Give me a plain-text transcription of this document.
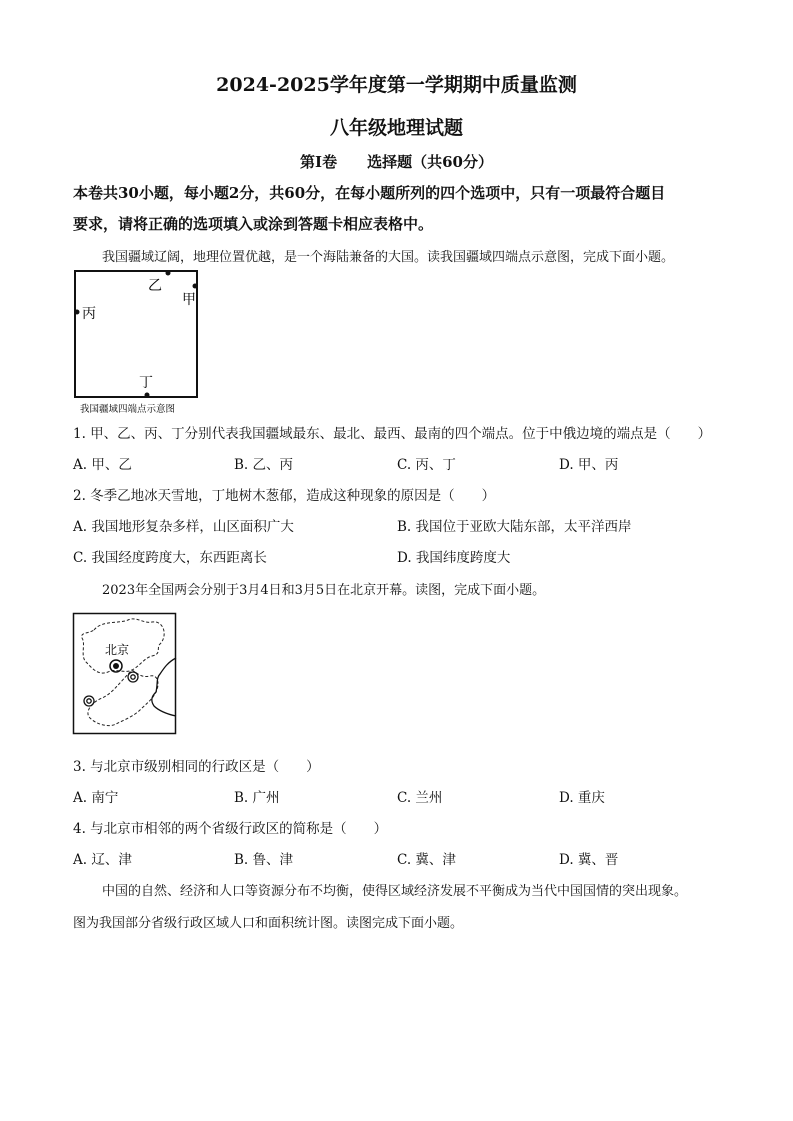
2024-2025学年度第一学期期中质量监测
八年级地理试题
第Ⅰ卷　　选择题（共60分）
本卷共30小题，每小题2分，共60分，在每小题所列的四个选项中，只有一项最符合题目
要求，请将正确的选项填入或涂到答题卡相应表格中。
我国疆域辽阔，地理位置优越，是一个海陆兼备的大国。读我国疆域四端点示意图，完成下面小题。
乙
甲
丙
丁
我国疆域四端点示意图
1. 甲、乙、丙、丁分别代表我国疆域最东、最北、最西、最南的四个端点。位于中俄边境的端点是（　　）
A. 甲、乙	B. 乙、丙	C. 丙、丁	D. 甲、丙
2. 冬季乙地冰天雪地，丁地树木葱郁，造成这种现象的原因是（　　）
A. 我国地形复杂多样，山区面积广大	B. 我国位于亚欧大陆东部，太平洋西岸
C. 我国经度跨度大，东西距离长	D. 我国纬度跨度大
2023年全国两会分别于3月4日和3月5日在北京开幕。读图，完成下面小题。
北京
3. 与北京市级别相同的行政区是（　　）
A. 南宁	B. 广州	C. 兰州	D. 重庆
4. 与北京市相邻的两个省级行政区的简称是（　　）
A. 辽、津	B. 鲁、津	C. 冀、津	D. 冀、晋
中国的自然、经济和人口等资源分布不均衡，使得区域经济发展不平衡成为当代中国国情的突出现象。
图为我国部分省级行政区域人口和面积统计图。读图完成下面小题。
